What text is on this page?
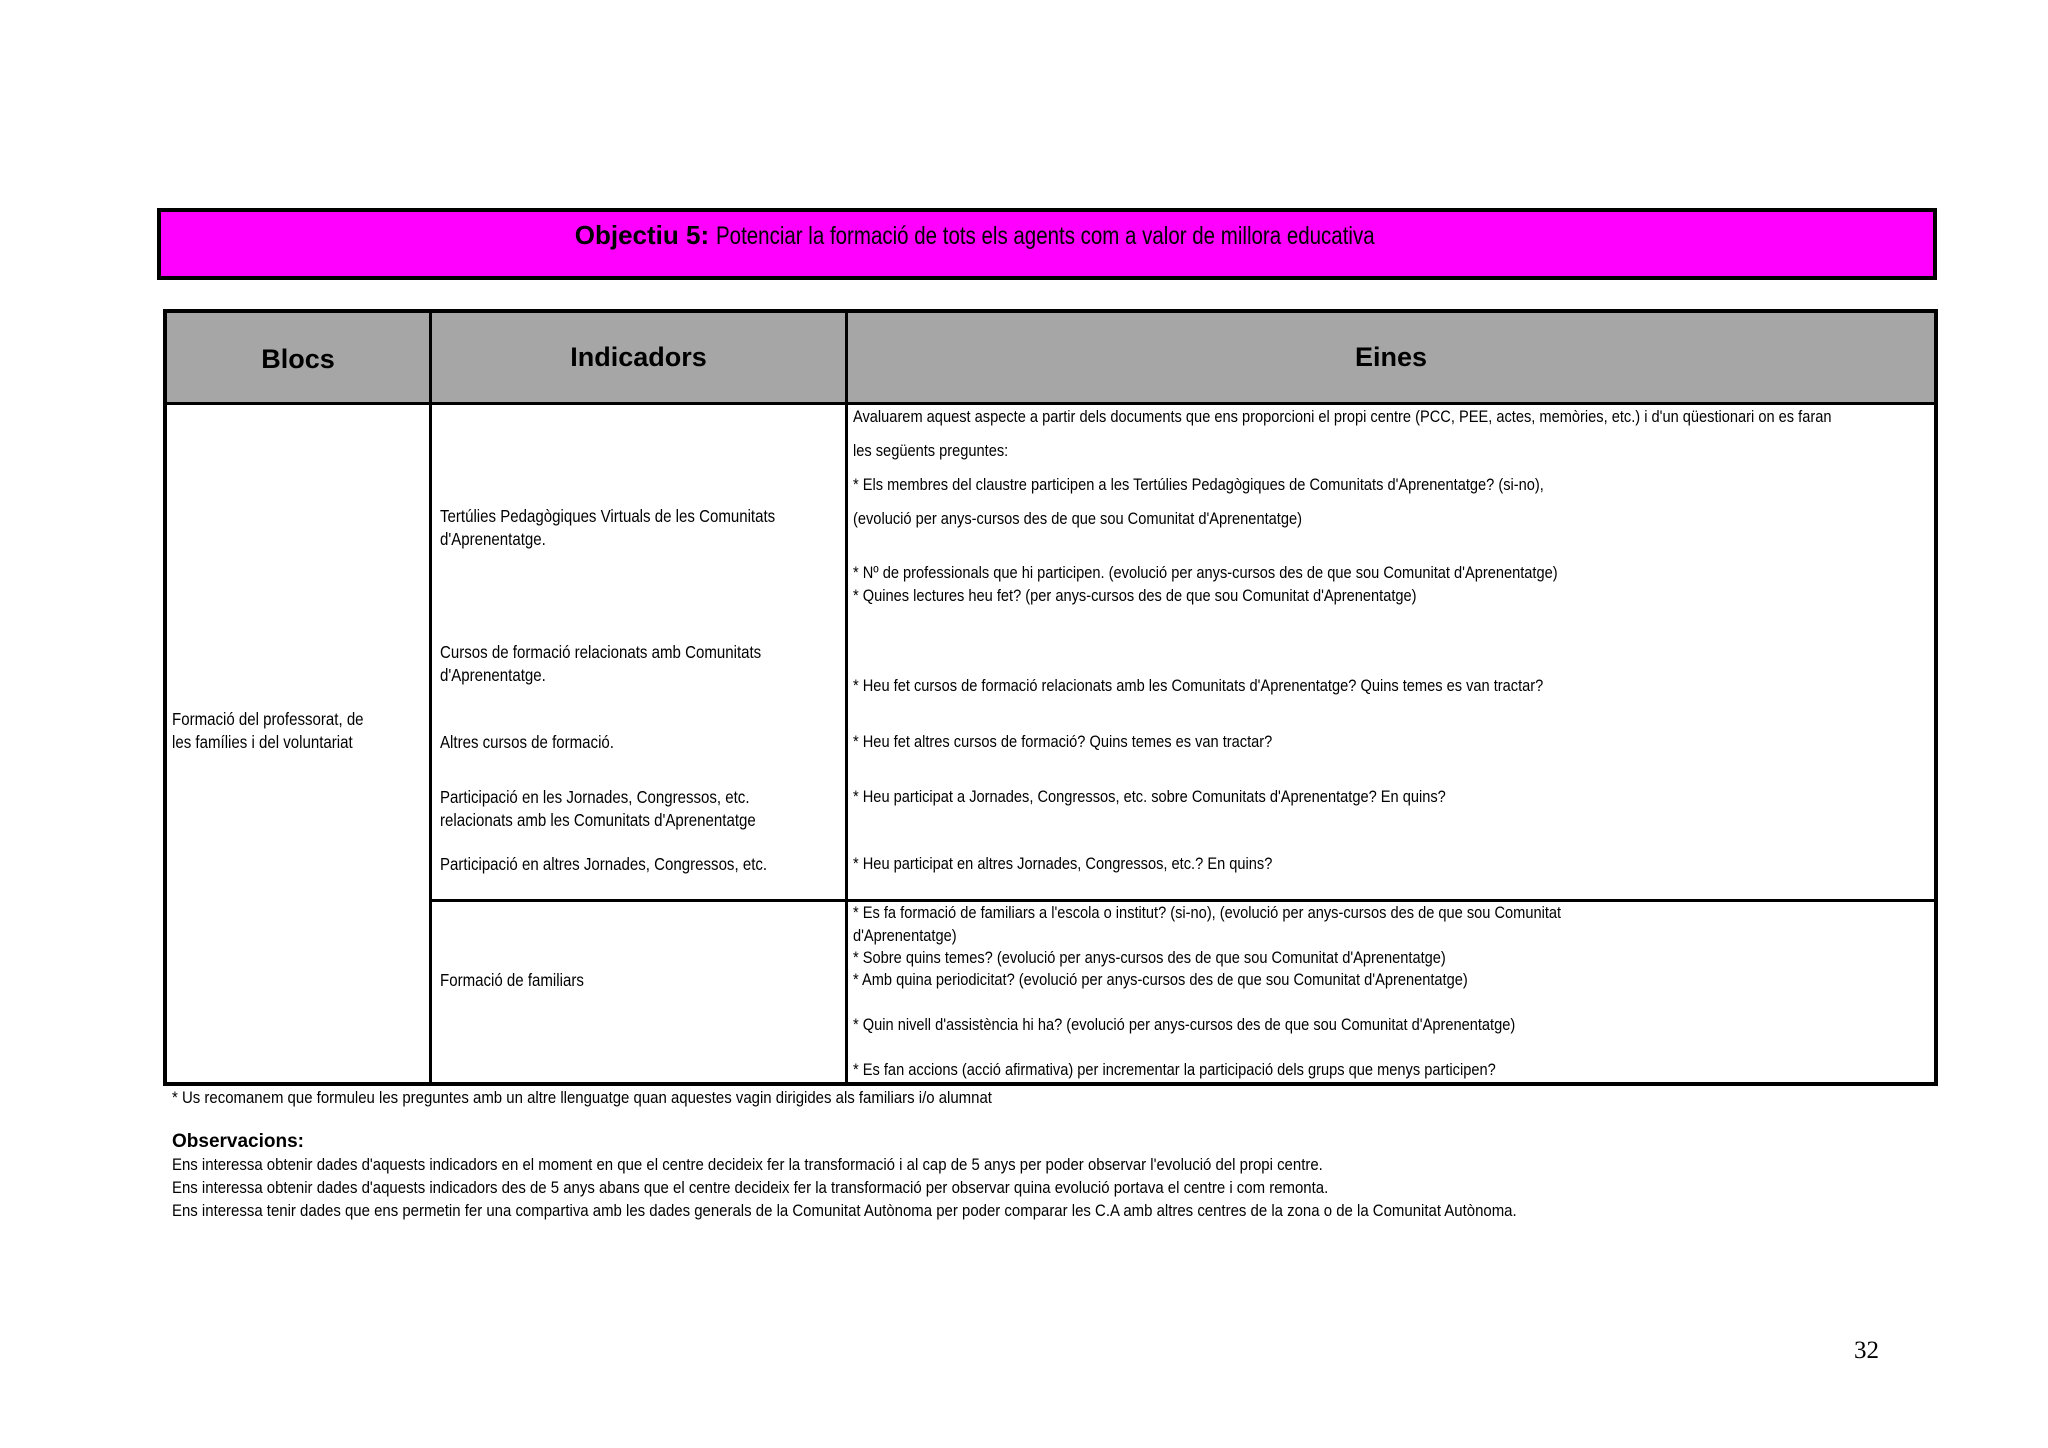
Objectiu 5: Potenciar la formació de tots els agents com a valor de millora educativa
Blocs	Indicadors	Eines
Formació del professorat, de
les famílies i del voluntariat
Tertúlies Pedagògiques Virtuals de les Comunitats
d'Aprenentatge.
Cursos de formació relacionats amb Comunitats
d'Aprenentatge.
Altres cursos de formació.
Participació en les Jornades, Congressos, etc.
relacionats amb les Comunitats d'Aprenentatge
Participació en altres Jornades, Congressos, etc.
Formació de familiars
Avaluarem aquest aspecte a partir dels documents que ens proporcioni el propi centre (PCC, PEE, actes, memòries, etc.) i d'un qüestionari on es faran
les següents preguntes:
* Els membres del claustre participen a les Tertúlies Pedagògiques de Comunitats d'Aprenentatge? (si-no),
(evolució per anys-cursos des de que sou Comunitat d'Aprenentatge)
* Nº de professionals que hi participen. (evolució per anys-cursos des de que sou Comunitat d'Aprenentatge)
* Quines lectures heu fet? (per anys-cursos des de que sou Comunitat d'Aprenentatge)
* Heu fet cursos de formació relacionats amb les Comunitats d'Aprenentatge? Quins temes es van tractar?
* Heu fet altres cursos de formació? Quins temes es van tractar?
* Heu participat a Jornades, Congressos, etc. sobre Comunitats d'Aprenentatge? En quins?
* Heu participat en altres Jornades, Congressos, etc.? En quins?
* Es fa formació de familiars a l'escola o institut? (si-no), (evolució per anys-cursos des de que sou Comunitat
d'Aprenentatge)
* Sobre quins temes? (evolució per anys-cursos des de que sou Comunitat d'Aprenentatge)
* Amb quina periodicitat? (evolució per anys-cursos des de que sou Comunitat d'Aprenentatge)
* Quin nivell d'assistència hi ha? (evolució per anys-cursos des de que sou Comunitat d'Aprenentatge)
* Es fan accions (acció afirmativa) per incrementar la participació dels grups que menys participen?
* Us recomanem que formuleu les preguntes amb un altre llenguatge quan aquestes vagin dirigides als familiars i/o alumnat
Observacions:
Ens interessa obtenir dades d'aquests indicadors en el moment en que el centre decideix fer la transformació i al cap de 5 anys per poder observar l'evolució del propi centre.
Ens interessa obtenir dades d'aquests indicadors des de 5 anys abans que el centre decideix fer la transformació per observar quina evolució portava el centre i com remonta.
Ens interessa tenir dades que ens permetin fer una compartiva amb les dades generals de la Comunitat Autònoma per poder comparar les C.A amb altres centres de la zona o de la Comunitat Autònoma.
32
